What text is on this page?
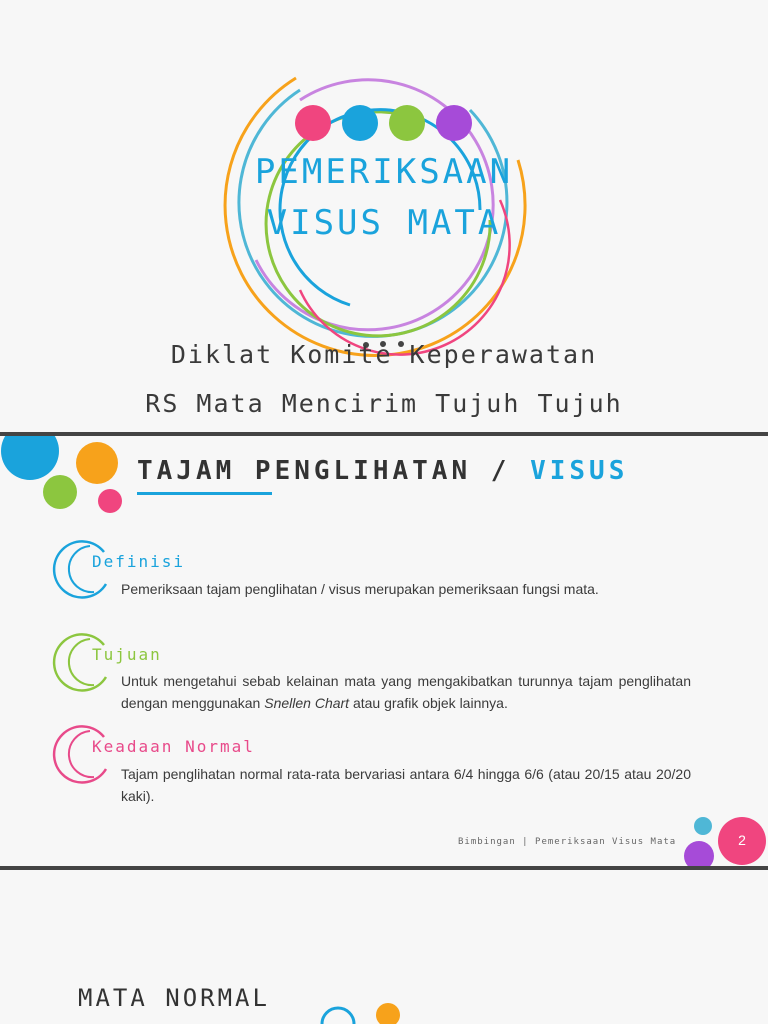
PEMERIKSAAN
VISUS MATA
Diklat Komite Keperawatan
RS Mata Mencirim Tujuh Tujuh
TAJAM PENGLIHATAN / VISUS
Definisi
Pemeriksaan tajam penglihatan / visus merupakan pemeriksaan fungsi mata.
Tujuan
Untuk mengetahui sebab kelainan mata yang mengakibatkan turunnya tajam penglihatan dengan menggunakan Snellen Chart atau grafik objek lainnya.
Keadaan Normal
Tajam penglihatan normal rata-rata bervariasi antara 6/4 hingga 6/6 (atau 20/15 atau 20/20 kaki).
Bimbingan | Pemeriksaan Visus Mata	2
MATA NORMAL
